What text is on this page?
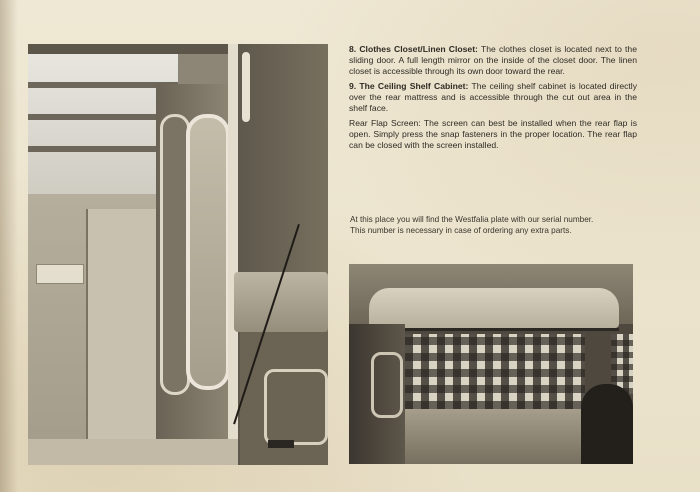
8. Clothes Closet/Linen Closet: The clothes closet is located next to the sliding door. A full length mirror on the inside of the closet door. The linen closet is accessible through its own door toward the rear.

9. The Ceiling Shelf Cabinet: The ceiling shelf cabinet is located directly over the rear mattress and is accessible through the cut out area in the shelf face.

Rear Flap Screen: The screen can best be installed when the rear flap is open. Simply press the snap fasteners in the proper location. The rear flap can be closed with the screen installed.

At this place you will find the Westfalia plate with our serial number.

This number is necessary in case of ordering any extra parts.
